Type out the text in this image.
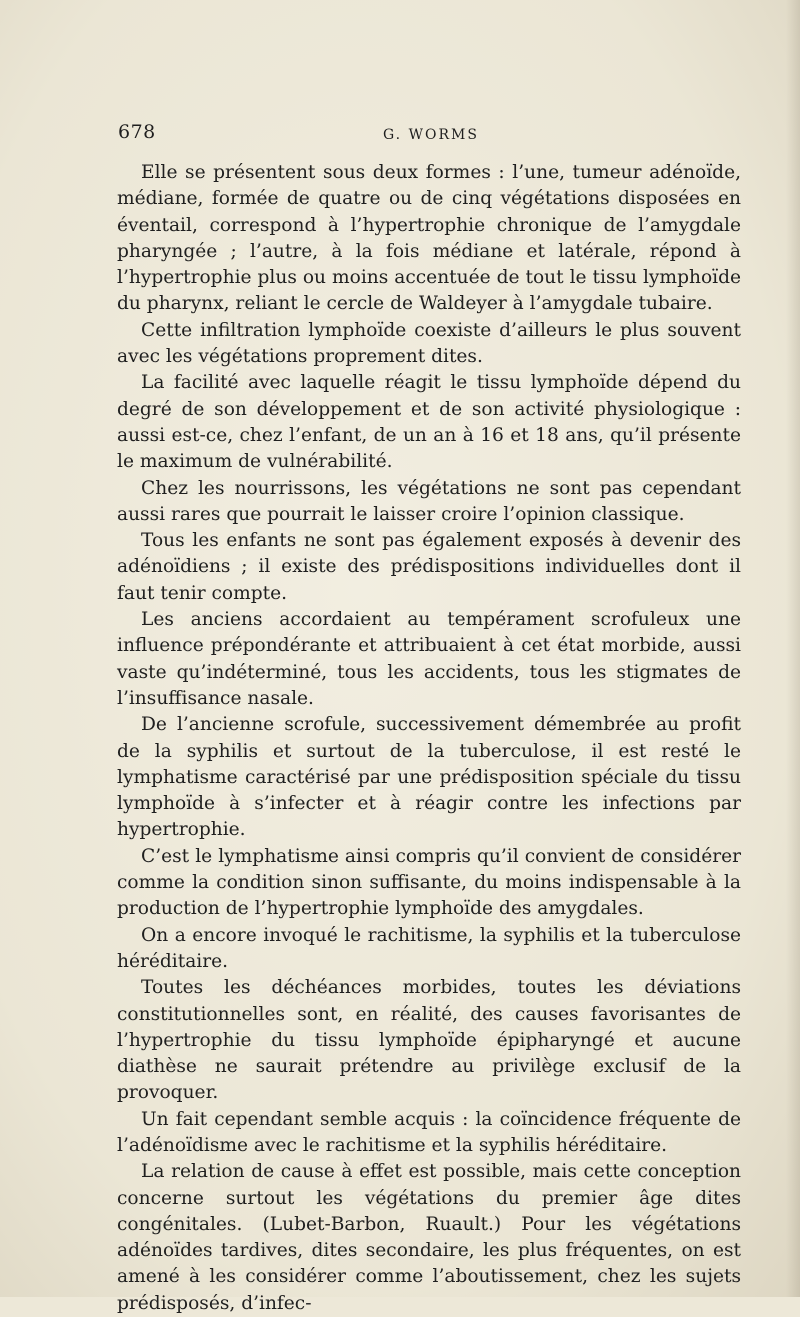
678	G. WORMS

Elle se présentent sous deux formes : l’une, tumeur adénoïde, médiane, formée de quatre ou de cinq végétations disposées en éventail, correspond à l’hypertrophie chronique de l’amygdale pharyngée ; l’autre, à la fois médiane et latérale, répond à l’hypertrophie plus ou moins accentuée de tout le tissu lymphoïde du pharynx, reliant le cercle de Waldeyer à l’amygdale tubaire.

Cette infiltration lymphoïde coexiste d’ailleurs le plus souvent avec les végétations proprement dites.

La facilité avec laquelle réagit le tissu lymphoïde dépend du degré de son développement et de son activité physiologique : aussi est-ce, chez l’enfant, de un an à 16 et 18 ans, qu’il présente le maximum de vulnérabilité.

Chez les nourrissons, les végétations ne sont pas cependant aussi rares que pourrait le laisser croire l’opinion classique.

Tous les enfants ne sont pas également exposés à devenir des adénoïdiens ; il existe des prédispositions individuelles dont il faut tenir compte.

Les anciens accordaient au tempérament scrofuleux une influence prépondérante et attribuaient à cet état morbide, aussi vaste qu’indéterminé, tous les accidents, tous les stigmates de l’insuffisance nasale.

De l’ancienne scrofule, successivement démembrée au profit de la syphilis et surtout de la tuberculose, il est resté le lymphatisme caractérisé par une prédisposition spéciale du tissu lymphoïde à s’infecter et à réagir contre les infections par hypertrophie.

C’est le lymphatisme ainsi compris qu’il convient de considérer comme la condition sinon suffisante, du moins indispensable à la production de l’hypertrophie lymphoïde des amygdales.

On a encore invoqué le rachitisme, la syphilis et la tuberculose héréditaire.

Toutes les déchéances morbides, toutes les déviations constitutionnelles sont, en réalité, des causes favorisantes de l’hypertrophie du tissu lymphoïde épipharyngé et aucune diathèse ne saurait prétendre au privilège exclusif de la provoquer.

Un fait cependant semble acquis : la coïncidence fréquente de l’adénoïdisme avec le rachitisme et la syphilis héréditaire.

La relation de cause à effet est possible, mais cette conception concerne surtout les végétations du premier âge dites congénitales. (Lubet-Barbon, Ruault.) Pour les végétations adénoïdes tardives, dites secondaire, les plus fréquentes, on est amené à les considérer comme l’aboutissement, chez les sujets prédisposés, d’infec-
